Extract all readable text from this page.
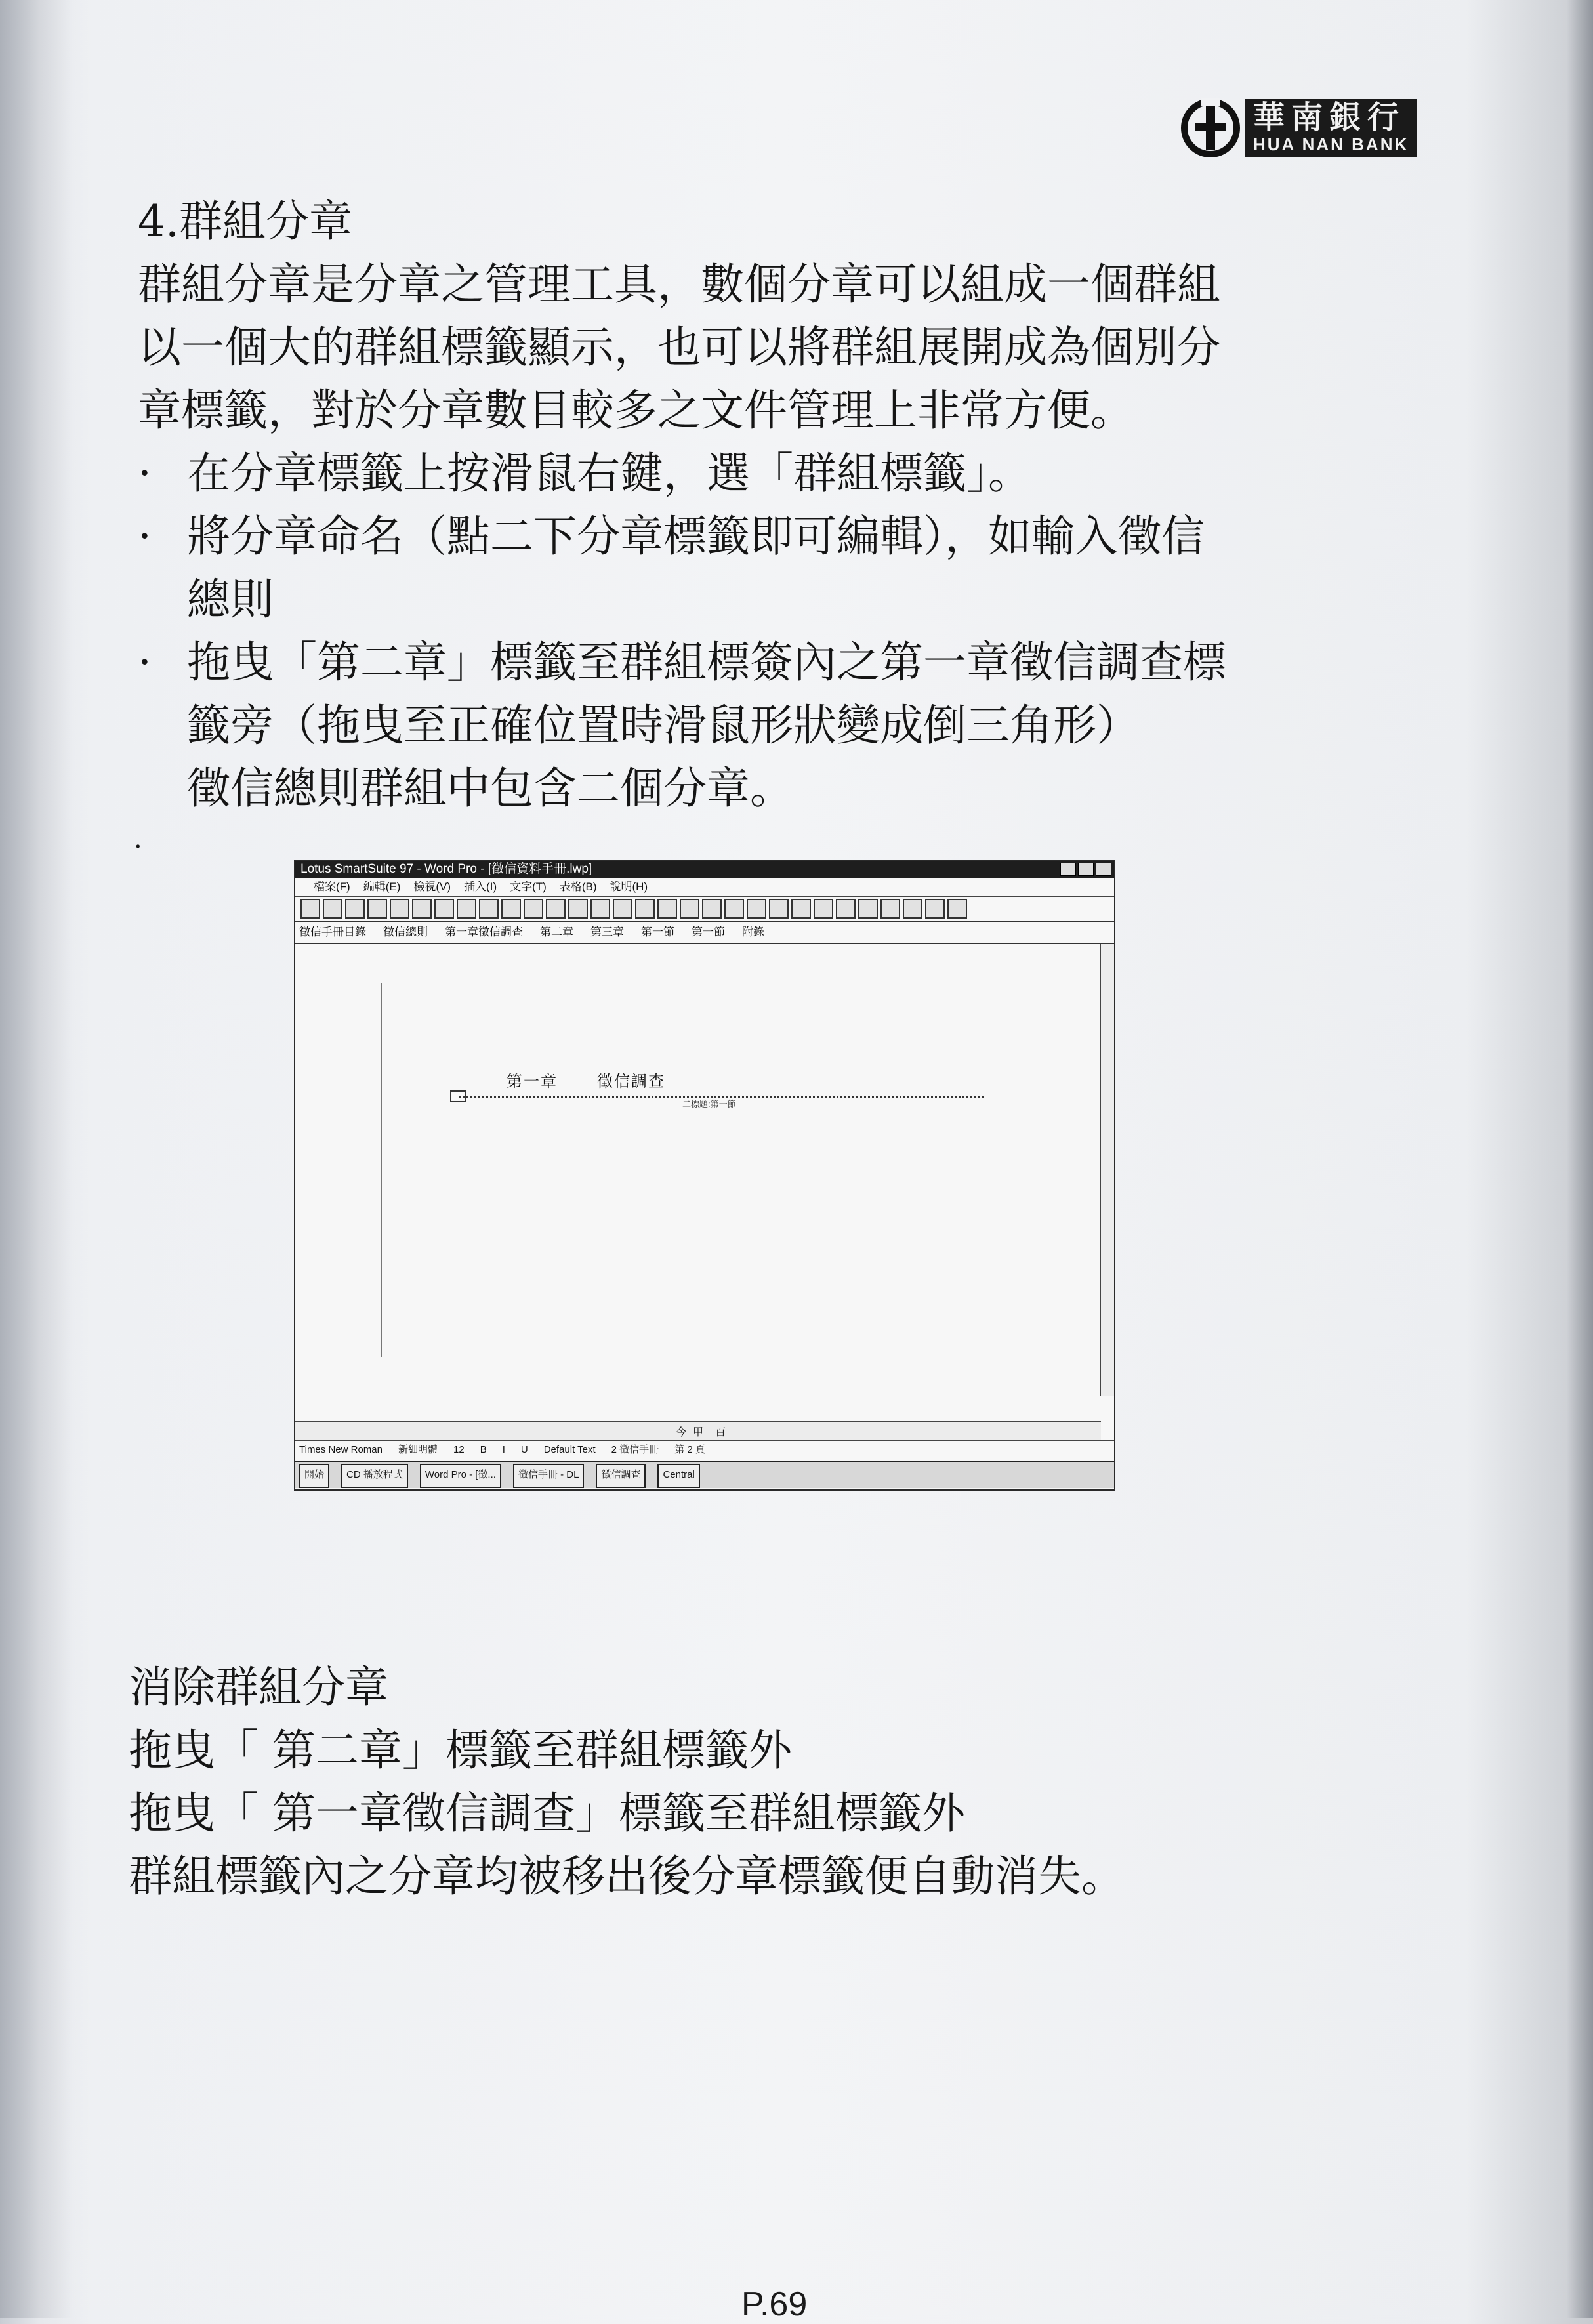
華南銀行
HUA NAN BANK

4.群組分章

群組分章是分章之管理工具，數個分章可以組成一個群組

以一個大的群組標籤顯示，也可以將群組展開成為個別分

章標籤，對於分章數目較多之文件管理上非常方便。

· 在分章標籤上按滑鼠右鍵，選「群組標籤」。

· 將分章命名（點二下分章標籤即可編輯），如輸入徵信

總則

· 拖曳「第二章」標籤至群組標簽內之第一章徵信調查標

籤旁（拖曳至正確位置時滑鼠形狀變成倒三角形）

徵信總則群組中包含二個分章。

·
Lotus SmartSuite 97 - Word Pro - [徵信資料手冊.lwp]
檔案(F) 編輯(E) 檢視(V) 插入(I) 文字(T) 表格(B) 說明(H)
徵信手冊目錄 徵信總則 第一章徵信調查 第二章 第三章 第一節 第一節 附錄
第一章	徵信調查
二標題:第一節
今 甲 百
Times New Roman 新細明體 12 B I U Default Text 2 徵信手冊 第 2 頁
開始	CD 播放程式	Word Pro - [徵...	徵信手冊 - DL	徵信調查	Central

消除群組分章

拖曳「 第二章」標籤至群組標籤外

拖曳「 第一章徵信調查」標籤至群組標籤外

群組標籤內之分章均被移出後分章標籤便自動消失。

P.69
